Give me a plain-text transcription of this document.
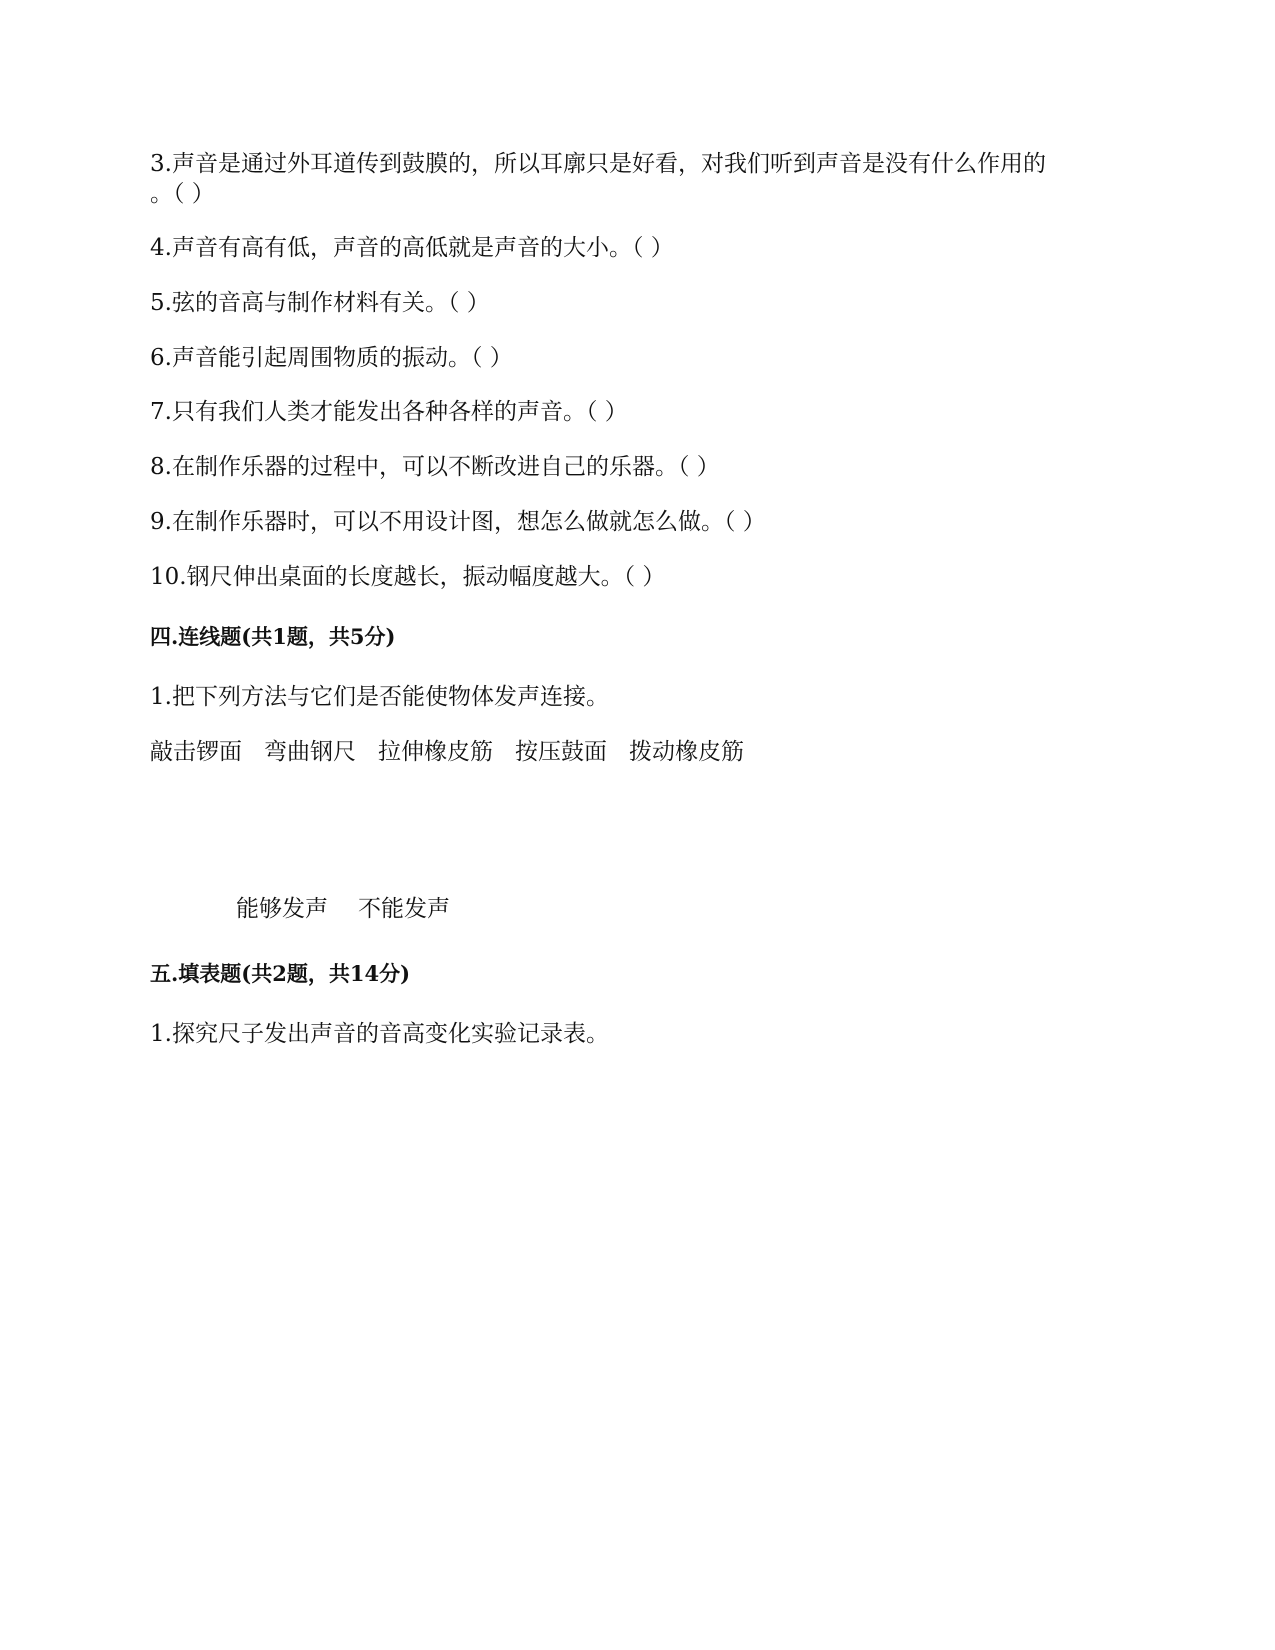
3.声音是通过外耳道传到鼓膜的，所以耳廓只是好看，对我们听到声音是没有什么作用的
。（ ）
4.声音有高有低，声音的高低就是声音的大小。（ ）
5.弦的音高与制作材料有关。（ ）
6.声音能引起周围物质的振动。（ ）
7.只有我们人类才能发出各种各样的声音。（ ）
8.在制作乐器的过程中，可以不断改进自己的乐器。（ ）
9.在制作乐器时，可以不用设计图，想怎么做就怎么做。（ ）
10.钢尺伸出桌面的长度越长，振动幅度越大。（ ）
四.连线题(共1题，共5分)
1.把下列方法与它们是否能使物体发声连接。
敲击锣面 弯曲钢尺 拉伸橡皮筋 按压鼓面 拨动橡皮筋
能够发声 不能发声
五.填表题(共2题，共14分)
1.探究尺子发出声音的音高变化实验记录表。
